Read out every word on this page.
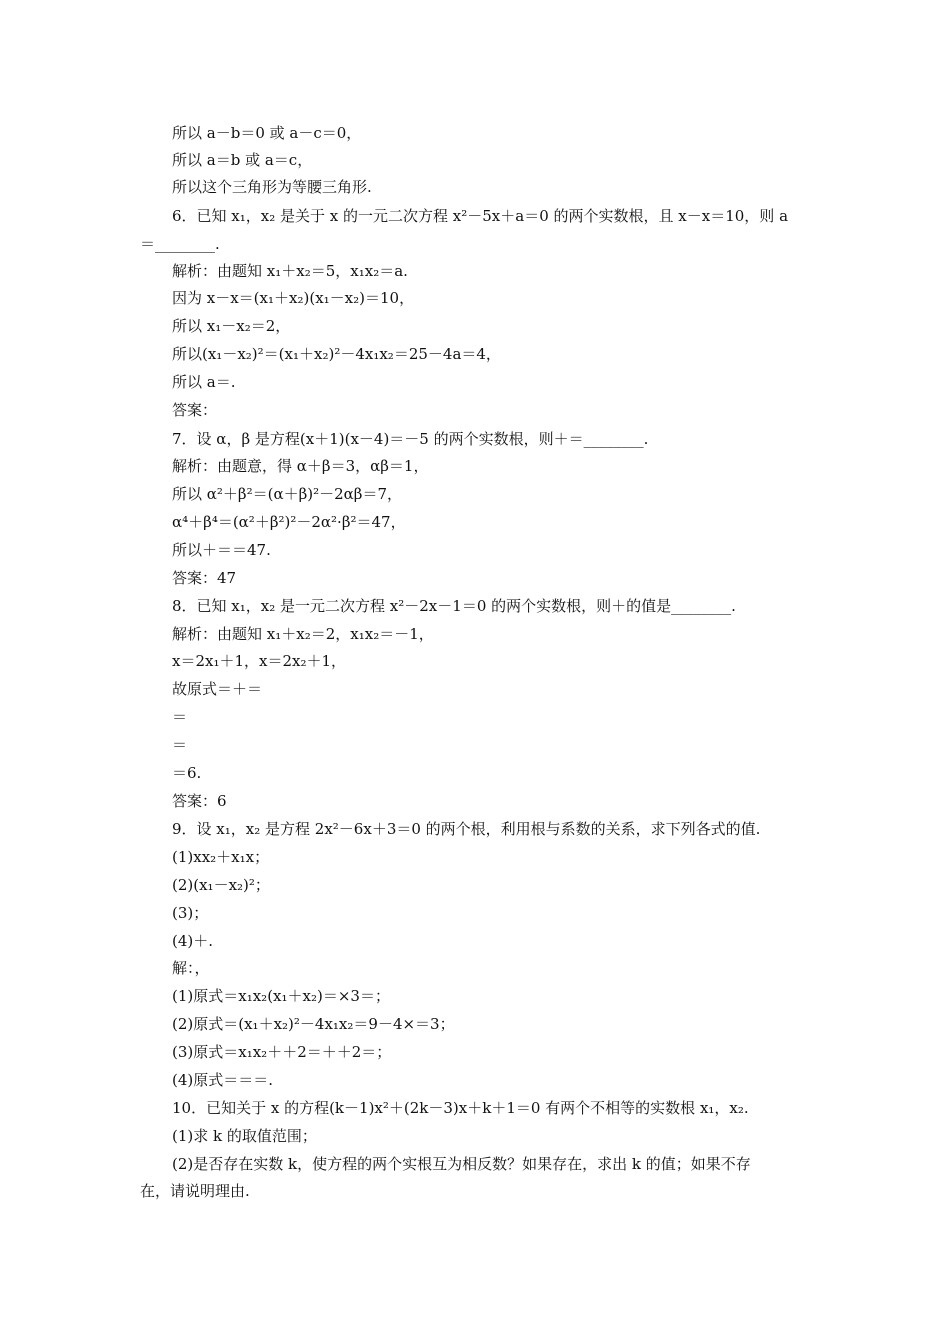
所以 a－b＝0 或 a－c＝0，
所以 a＝b 或 a＝c，
所以这个三角形为等腰三角形.
6．已知 x₁，x₂ 是关于 x 的一元二次方程 x²－5x＋a＝0 的两个实数根，且 x－x＝10，则 a
＝________.
解析：由题知 x₁＋x₂＝5，x₁x₂＝a.
因为 x－x＝(x₁＋x₂)(x₁－x₂)＝10，
所以 x₁－x₂＝2，
所以(x₁－x₂)²＝(x₁＋x₂)²－4x₁x₂＝25－4a＝4，
所以 a＝.
答案：
7．设 α，β 是方程(x＋1)(x－4)＝－5 的两个实数根，则＋＝________.
解析：由题意，得 α＋β＝3，αβ＝1，
所以 α²＋β²＝(α＋β)²－2αβ＝7，
α⁴＋β⁴＝(α²＋β²)²－2α²·β²＝47，
所以＋＝＝47.
答案：47
8．已知 x₁，x₂ 是一元二次方程 x²－2x－1＝0 的两个实数根，则＋的值是________.
解析：由题知 x₁＋x₂＝2，x₁x₂＝－1，
x＝2x₁＋1，x＝2x₂＋1，
故原式＝＋＝
＝
＝
＝6.
答案：6
9．设 x₁，x₂ 是方程 2x²－6x＋3＝0 的两个根，利用根与系数的关系，求下列各式的值.
(1)xx₂＋x₁x；
(2)(x₁－x₂)²；
(3)；
(4)＋.
解：，
(1)原式＝x₁x₂(x₁＋x₂)＝×3＝；
(2)原式＝(x₁＋x₂)²－4x₁x₂＝9－4×＝3；
(3)原式＝x₁x₂＋＋2＝＋＋2＝；
(4)原式＝＝＝.
10．已知关于 x 的方程(k－1)x²＋(2k－3)x＋k＋1＝0 有两个不相等的实数根 x₁，x₂.
(1)求 k 的取值范围；
(2)是否存在实数 k，使方程的两个实根互为相反数？如果存在，求出 k 的值；如果不存
在，请说明理由.
